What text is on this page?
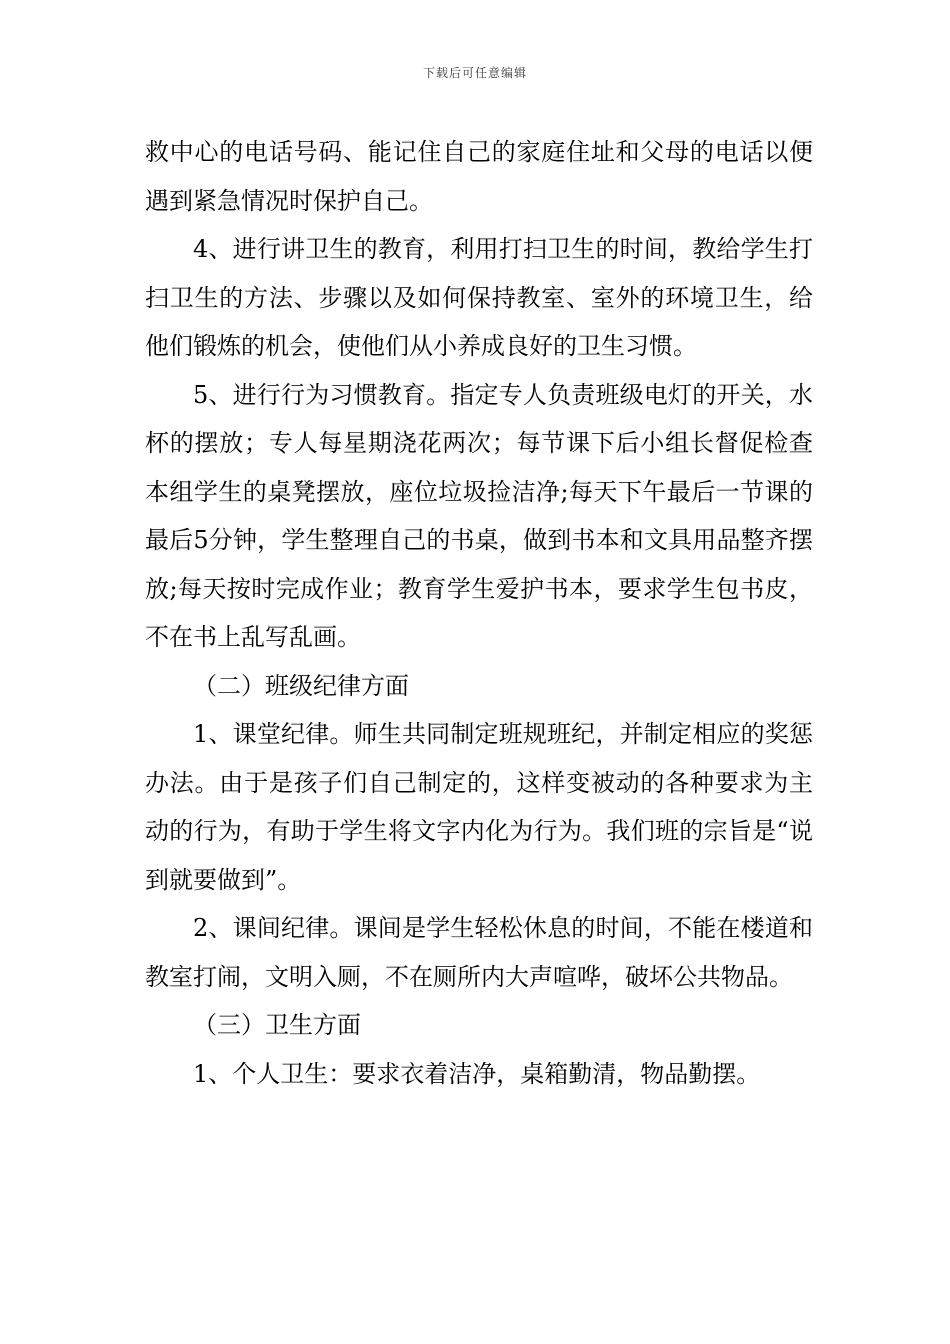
下载后可任意编辑

救中心的电话号码、能记住自己的家庭住址和父母的电话以便遇到紧急情况时保护自己。

4、进行讲卫生的教育，利用打扫卫生的时间，教给学生打扫卫生的方法、步骤以及如何保持教室、室外的环境卫生，给他们锻炼的机会，使他们从小养成良好的卫生习惯。

5、进行行为习惯教育。指定专人负责班级电灯的开关，水杯的摆放；专人每星期浇花两次；每节课下后小组长督促检查本组学生的桌凳摆放，座位垃圾捡洁净;每天下午最后一节课的最后5分钟，学生整理自己的书桌，做到书本和文具用品整齐摆放;每天按时完成作业；教育学生爱护书本，要求学生包书皮，不在书上乱写乱画。

（二）班级纪律方面

1、课堂纪律。师生共同制定班规班纪，并制定相应的奖惩办法。由于是孩子们自己制定的，这样变被动的各种要求为主动的行为，有助于学生将文字内化为行为。我们班的宗旨是“说到就要做到”。

2、课间纪律。课间是学生轻松休息的时间，不能在楼道和教室打闹，文明入厕，不在厕所内大声喧哗，破坏公共物品。

（三）卫生方面

1、个人卫生：要求衣着洁净，桌箱勤清，物品勤摆。
